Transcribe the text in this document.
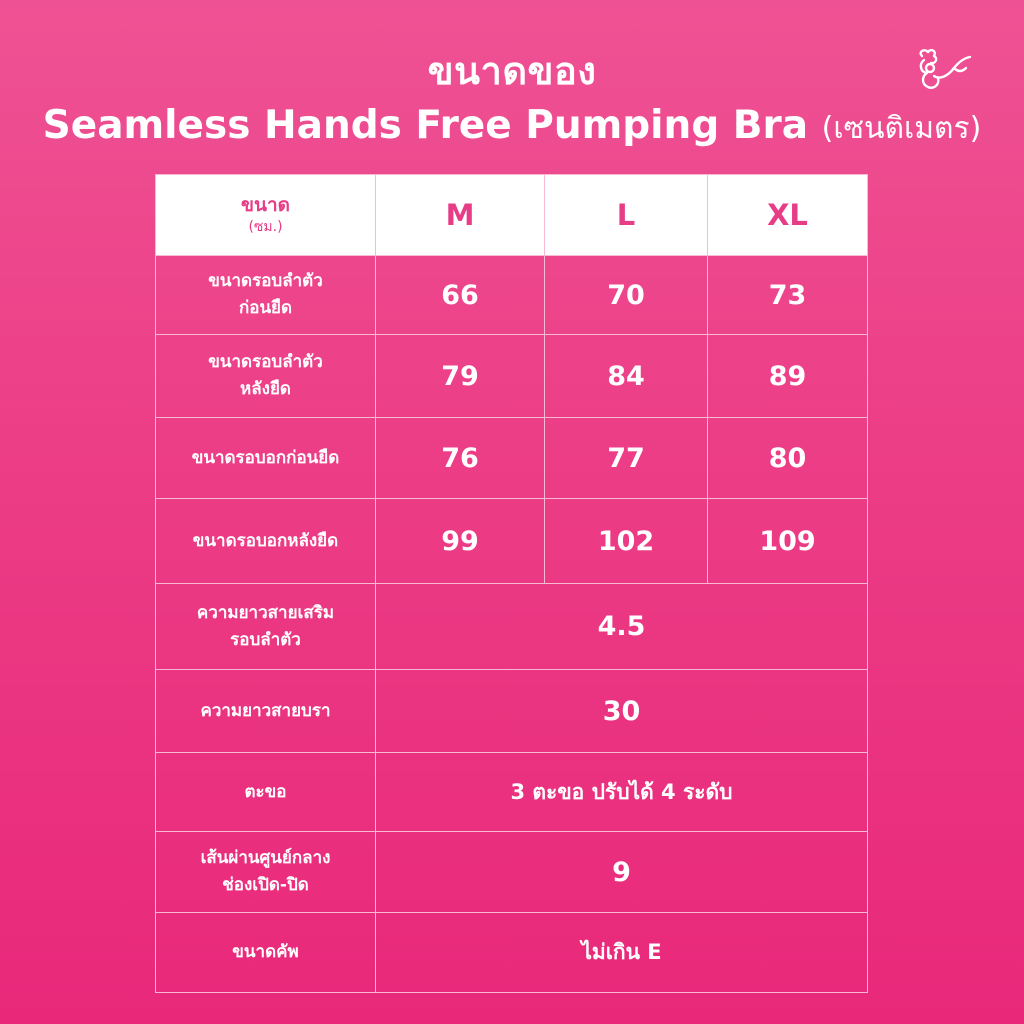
ขนาดของ
Seamless Hands Free Pumping Bra (เซนติเมตร)
ขนาด
(ซม.)	M	L	XL

ขนาดรอบลำตัว
ก่อนยืด	66	70	73

ขนาดรอบลำตัว
หลังยืด	79	84	89

ขนาดรอบอกก่อนยืด	76	77	80

ขนาดรอบอกหลังยืด	99	102	109

ความยาวสายเสริม
รอบลำตัว	4.5		

ความยาวสายบรา	30		

ตะขอ	3 ตะขอ ปรับได้ 4 ระดับ		

เส้นผ่านศูนย์กลาง
ช่องเปิด-ปิด	9		

ขนาดคัพ	ไม่เกิน E		
